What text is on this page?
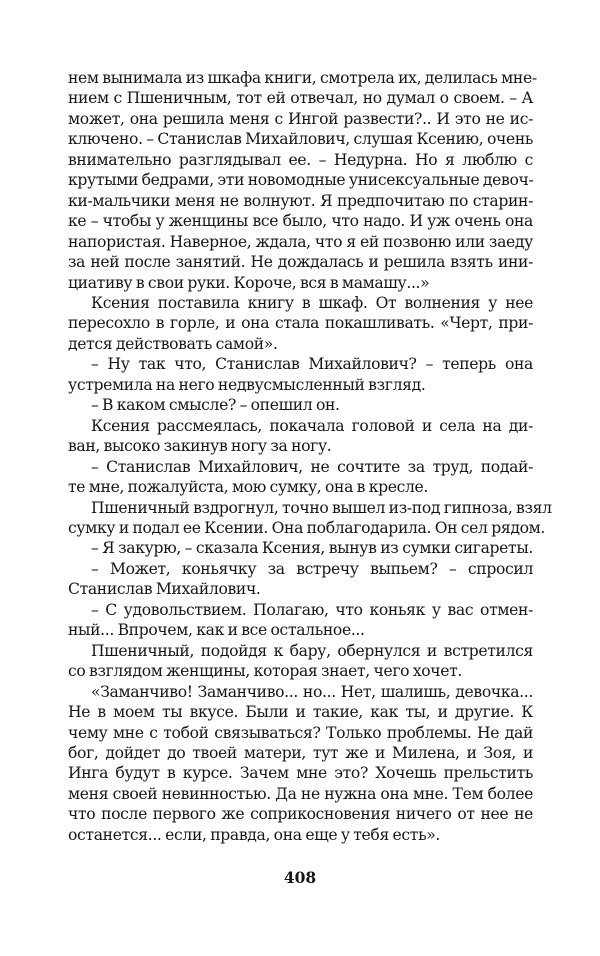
нем вынимала из шкафа книги, смотрела их, делилась мне-
нием с Пшеничным, тот ей отвечал, но думал о своем. – А
может, она решила меня с Ингой развести?.. И это не ис-
ключено. – Станислав Михайлович, слушая Ксению, очень
внимательно разглядывал ее. – Недурна. Но я люблю с
крутыми бедрами, эти новомодные унисексуальные девоч-
ки-мальчики меня не волнуют. Я предпочитаю по старин-
ке – чтобы у женщины все было, что надо. И уж очень она
напористая. Наверное, ждала, что я ей позвоню или заеду
за ней после занятий. Не дождалась и решила взять ини-
циативу в свои руки. Короче, вся в мамашу...»
Ксения поставила книгу в шкаф. От волнения у нее
пересохло в горле, и она стала покашливать. «Черт, при-
дется действовать самой».
– Ну так что, Станислав Михайлович? – теперь она
устремила на него недвусмысленный взгляд.
– В каком смысле? – опешил он.
Ксения рассмеялась, покачала головой и села на ди-
ван, высоко закинув ногу за ногу.
– Станислав Михайлович, не сочтите за труд, подай-
те мне, пожалуйста, мою сумку, она в кресле.
Пшеничный вздрогнул, точно вышел из-под гипноза, взял
сумку и подал ее Ксении. Она поблагодарила. Он сел рядом.
– Я закурю, – сказала Ксения, вынув из сумки сигареты.
– Может, коньячку за встречу выпьем? – спросил
Станислав Михайлович.
– С удовольствием. Полагаю, что коньяк у вас отмен-
ный... Впрочем, как и все остальное...
Пшеничный, подойдя к бару, обернулся и встретился
со взглядом женщины, которая знает, чего хочет.
«Заманчиво! Заманчиво... но... Нет, шалишь, девочка...
Не в моем ты вкусе. Были и такие, как ты, и другие. К
чему мне с тобой связываться? Только проблемы. Не дай
бог, дойдет до твоей матери, тут же и Милена, и Зоя, и
Инга будут в курсе. Зачем мне это? Хочешь прельстить
меня своей невинностью. Да не нужна она мне. Тем более
что после первого же соприкосновения ничего от нее не
останется... если, правда, она еще у тебя есть».
408
